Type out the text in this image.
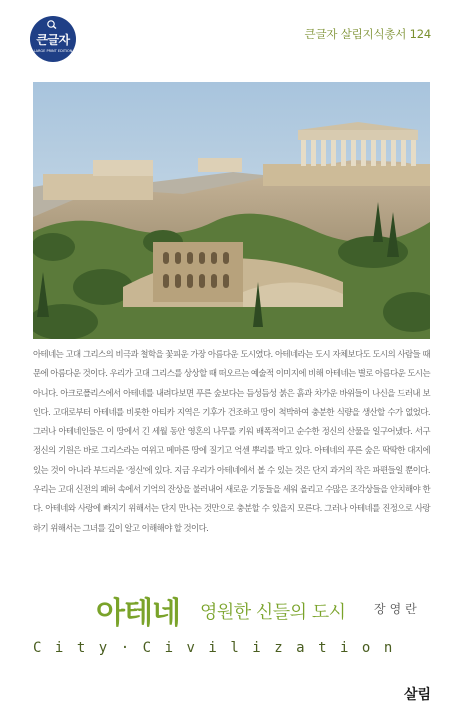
큰글자
LARGE PRINT EDITION
큰글자 살림지식총서 124

아테네는 고대 그리스의 비극과 철학을 꽃피운 가장 아름다운 도시였다. 아테네라는 도시 자체보다도 도시의 사람들 때문에 아름다운 것이다. 우리가 고대 그리스를 상상할 때 떠오르는 예술적 이미지에 비해 아테네는 별로 아름다운 도시는 아니다. 아크로폴리스에서 아테네를 내려다보면 푸른 숲보다는 듬성듬성 붉은 흙과 차가운 바위들이 나신을 드러내 보인다. 고대로부터 아테네를 비롯한 아티카 지역은 기후가 건조하고 땅이 척박하여 충분한 식량을 생산할 수가 없었다. 그러나 아테네인들은 이 땅에서 긴 세월 동안 영혼의 나무를 키워 배폭적이고 순수한 정신의 산물을 일구어냈다. 서구 정신의 기원은 바로 그리스라는 여위고 메마른 땅에 질기고 억센 뿌리를 박고 있다. 아테네의 푸른 숲은 딱딱한 대지에 있는 것이 아니라 부드러운 '정신'에 있다. 지금 우리가 아테네에서 볼 수 있는 것은 단지 과거의 작은 파편들일 뿐이다. 우리는 고대 신전의 폐허 속에서 기억의 잔상을 불러내어 새로운 기둥들을 세워 올리고 수많은 조각상들을 안치해야 한다. 아테네와 사랑에 빠지기 위해서는 단지 만나는 것만으로 충분할 수 있을지 모른다. 그러나 아테네를 진정으로 사랑하기 위해서는 그녀를 깊이 알고 이해해야 할 것이다.

아테네 영원한 신들의 도시 장영란
City·Civilization
살림
